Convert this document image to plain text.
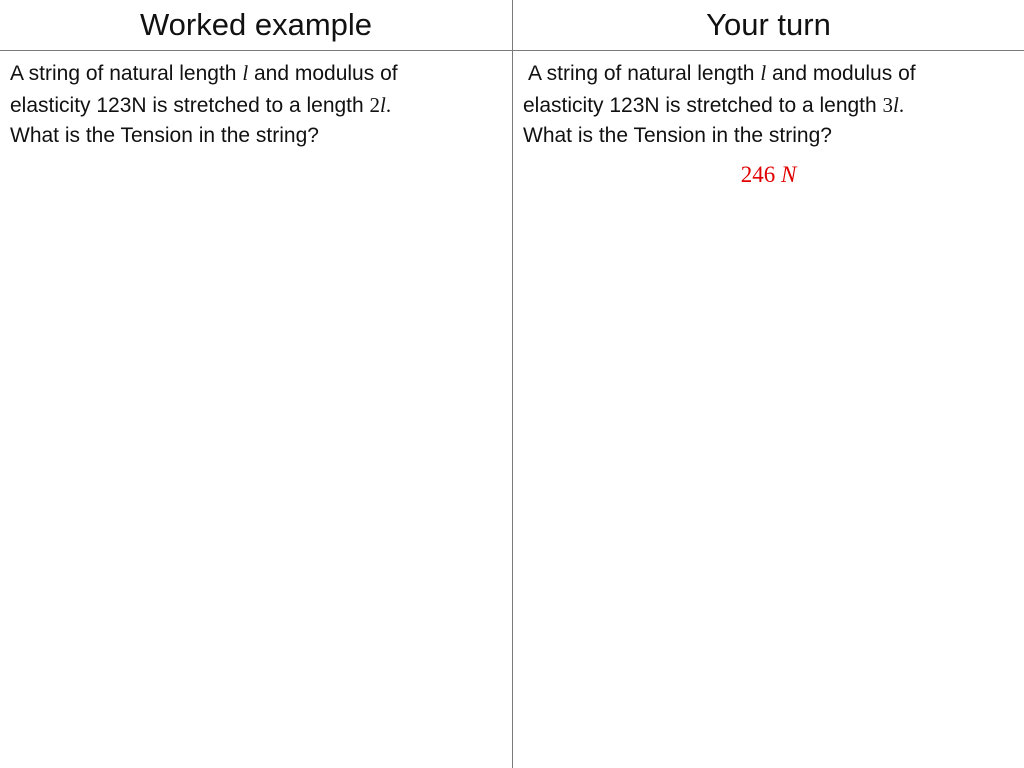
Worked example	Your turn
A string of natural length l and modulus of
elasticity 123N is stretched to a length 2l.
What is the Tension in the string?
A string of natural length l and modulus of
elasticity 123N is stretched to a length 3l.
What is the Tension in the string?
246 N
